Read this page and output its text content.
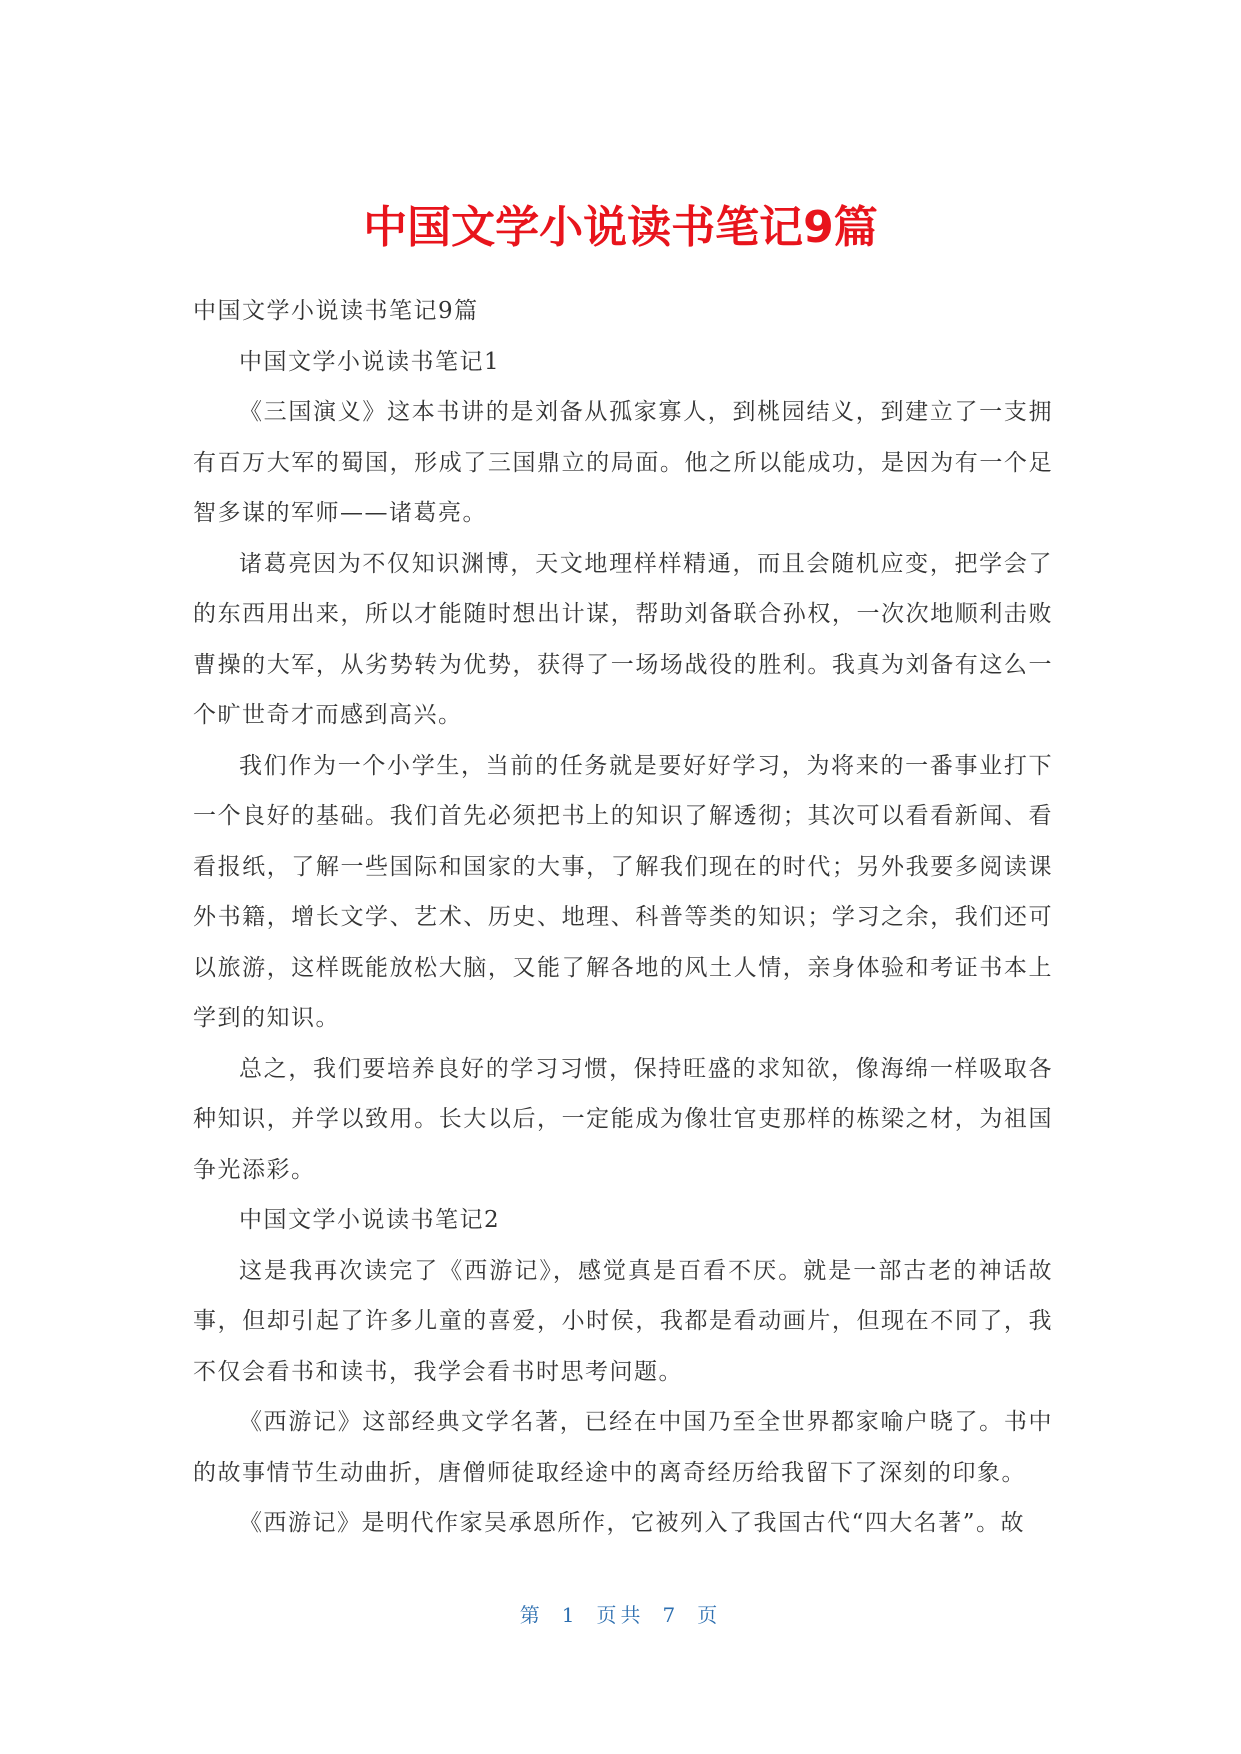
中国文学小说读书笔记9篇

中国文学小说读书笔记9篇

中国文学小说读书笔记1

《三国演义》这本书讲的是刘备从孤家寡人，到桃园结义，到建立了一支拥有百万大军的蜀国，形成了三国鼎立的局面。他之所以能成功，是因为有一个足智多谋的军师——诸葛亮。

诸葛亮因为不仅知识渊博，天文地理样样精通，而且会随机应变，把学会了的东西用出来，所以才能随时想出计谋，帮助刘备联合孙权，一次次地顺利击败曹操的大军，从劣势转为优势，获得了一场场战役的胜利。我真为刘备有这么一个旷世奇才而感到高兴。

我们作为一个小学生，当前的任务就是要好好学习，为将来的一番事业打下一个良好的基础。我们首先必须把书上的知识了解透彻；其次可以看看新闻、看看报纸，了解一些国际和国家的大事，了解我们现在的时代；另外我要多阅读课外书籍，增长文学、艺术、历史、地理、科普等类的知识；学习之余，我们还可以旅游，这样既能放松大脑，又能了解各地的风土人情，亲身体验和考证书本上学到的知识。

总之，我们要培养良好的学习习惯，保持旺盛的求知欲，像海绵一样吸取各种知识，并学以致用。长大以后，一定能成为像壮官吏那样的栋梁之材，为祖国争光添彩。

中国文学小说读书笔记2

这是我再次读完了《西游记》，感觉真是百看不厌。就是一部古老的神话故事，但却引起了许多儿童的喜爱，小时侯，我都是看动画片，但现在不同了，我不仅会看书和读书，我学会看书时思考问题。

《西游记》这部经典文学名著，已经在中国乃至全世界都家喻户晓了。书中的故事情节生动曲折，唐僧师徒取经途中的离奇经历给我留下了深刻的印象。

《西游记》是明代作家吴承恩所作，它被列入了我国古代“四大名著”。故

第 1 页共 7 页
